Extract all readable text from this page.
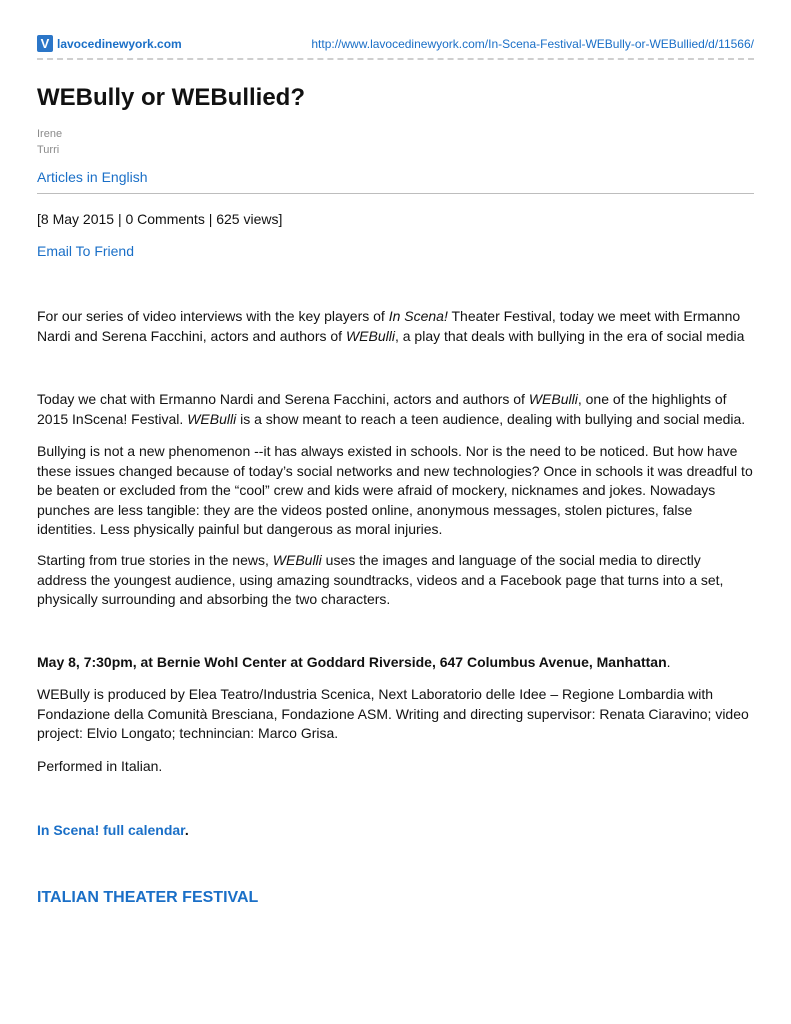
V lavocedinewyork.com	http://www.lavocedinewyork.com/In-Scena-Festival-WEBully-or-WEBullied/d/11566/
WEBully or WEBullied?
Irene
Turri
Articles in English
[8 May 2015 | 0 Comments | 625 views]
Email To Friend

For our series of video interviews with the key players of In Scena! Theater Festival, today we meet with Ermanno Nardi and Serena Facchini, actors and authors of WEBulli, a play that deals with bullying in the era of social media

Today we chat with Ermanno Nardi and Serena Facchini, actors and authors of WEBulli, one of the highlights of 2015 InScena! Festival. WEBulli is a show meant to reach a teen audience, dealing with bullying and social media.

Bullying is not a new phenomenon --it has always existed in schools. Nor is the need to be noticed. But how have these issues changed because of today’s social networks and new technologies? Once in schools it was dreadful to be beaten or excluded from the “cool” crew and kids were afraid of mockery, nicknames and jokes. Nowadays punches are less tangible: they are the videos posted online, anonymous messages, stolen pictures, false identities. Less physically painful but dangerous as moral injuries.

Starting from true stories in the news, WEBulli uses the images and language of the social media to directly address the youngest audience, using amazing soundtracks, videos and a Facebook page that turns into a set, physically surrounding and absorbing the two characters.

May 8, 7:30pm, at Bernie Wohl Center at Goddard Riverside, 647 Columbus Avenue, Manhattan.

WEBully is produced by Elea Teatro/Industria Scenica, Next Laboratorio delle Idee – Regione Lombardia with Fondazione della Comunità Bresciana, Fondazione ASM. Writing and directing supervisor: Renata Ciaravino; video project: Elvio Longato; technincian: Marco Grisa.

Performed in Italian.

In Scena! full calendar.

ITALIAN THEATER FESTIVAL
